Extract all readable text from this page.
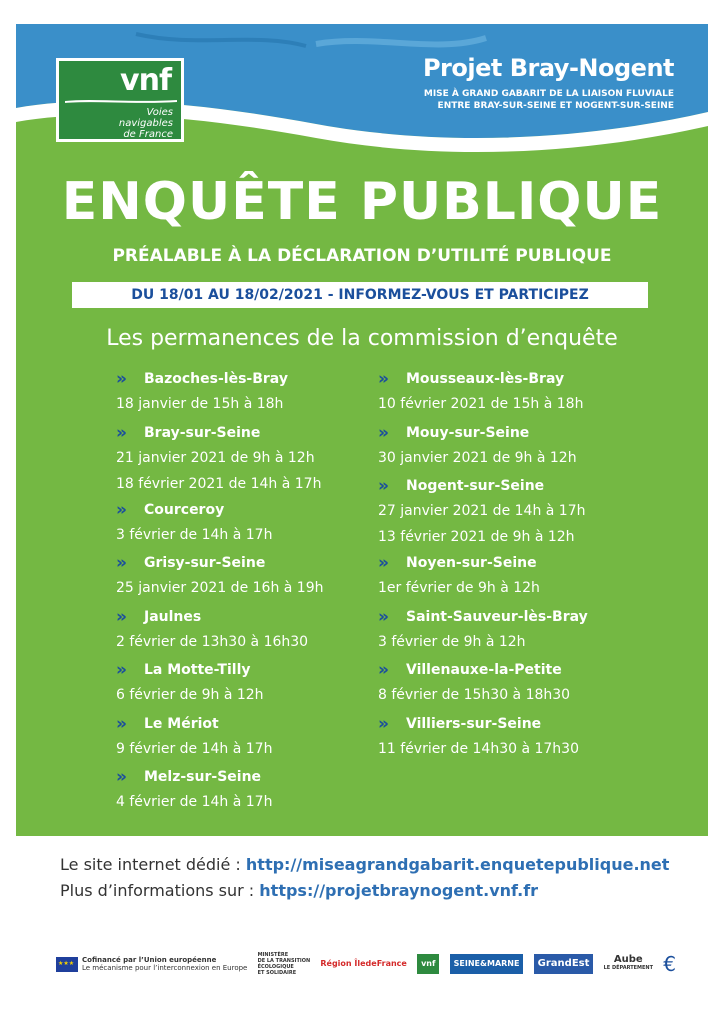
vnf
Voies
navigables
de France
Projet Bray-Nogent
MISE À GRAND GABARIT DE LA LIAISON FLUVIALE
ENTRE BRAY-SUR-SEINE ET NOGENT-SUR-SEINE
ENQUÊTE PUBLIQUE
PRÉALABLE À LA DÉCLARATION D’UTILITÉ PUBLIQUE
DU 18/01 AU 18/02/2021 - INFORMEZ-VOUS ET PARTICIPEZ
Les permanences de la commission d’enquête
»	Bazoches-lès-Bray
18 janvier de 15h à 18h
»	Bray-sur-Seine
21 janvier 2021 de 9h à 12h
18 février 2021 de 14h à 17h
»	Courceroy
3 février de 14h à 17h
»	Grisy-sur-Seine
25 janvier 2021 de 16h à 19h
»	Jaulnes
2 février de 13h30 à 16h30
»	La Motte-Tilly
6 février de 9h à 12h
»	Le Mériot
9 février de 14h à 17h
»	Melz-sur-Seine
4 février de 14h à 17h
»	Mousseaux-lès-Bray
10 février 2021 de 15h à 18h
»	Mouy-sur-Seine
30 janvier 2021 de 9h à 12h
»	Nogent-sur-Seine
27 janvier 2021 de 14h à 17h
13 février 2021 de 9h à 12h
»	Noyen-sur-Seine
1er février de 9h à 12h
»	Saint-Sauveur-lès-Bray
3 février de 9h à 12h
»	Villenauxe-la-Petite
8 février de 15h30 à 18h30
»	Villiers-sur-Seine
11 février de 14h30 à 17h30
Le site internet dédié : http://miseagrandgabarit.enquetepublique.net
Plus d’informations sur : https://projetbraynogent.vnf.fr
★★★
Cofinancé par l’Union européenne
Le mécanisme pour l’interconnexion en Europe
MINISTÈRE
DE LA TRANSITION
ÉCOLOGIQUE
ET SOLIDAIRE
Région ÎledeFrance	vnf	SEINE&MARNE	GrandEst	Aube
LE DÉPARTEMENT €
